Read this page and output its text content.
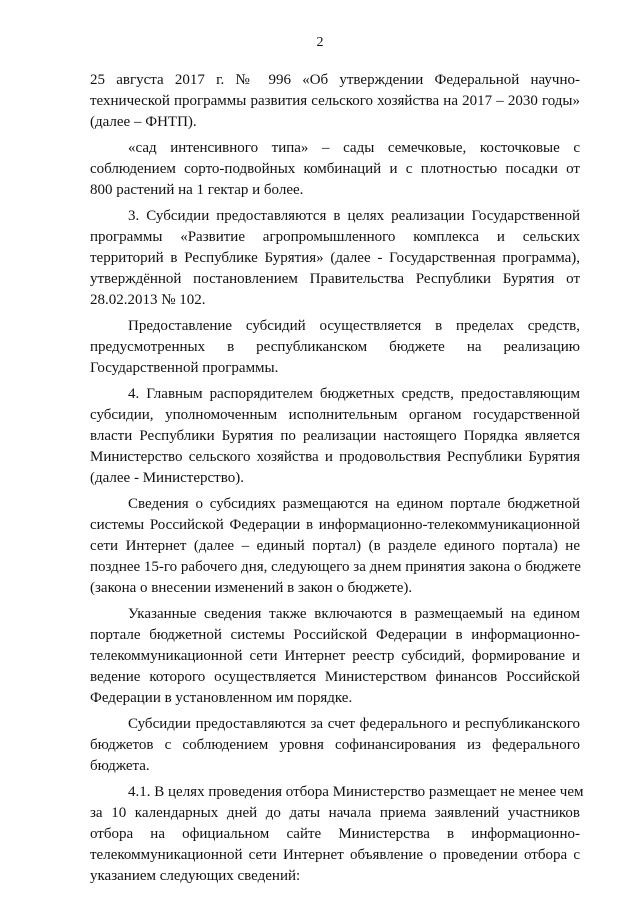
2
25 августа 2017 г. № 996 «Об утверждении Федеральной научно-
технической программы развития сельского хозяйства на 2017 – 2030 годы»
(далее – ФНТП).
«сад интенсивного типа» – сады семечковые, косточковые с
соблюдением сорто-подвойных комбинаций и с плотностью посадки от
800 растений на 1 гектар и более.
3. Субсидии предоставляются в целях реализации Государственной
программы «Развитие агропромышленного комплекса и сельских
территорий в Республике Бурятия» (далее - Государственная программа),
утверждённой постановлением Правительства Республики Бурятия от
28.02.2013 № 102.
Предоставление субсидий осуществляется в пределах средств,
предусмотренных в республиканском бюджете на реализацию
Государственной программы.
4. Главным распорядителем бюджетных средств, предоставляющим
субсидии, уполномоченным исполнительным органом государственной
власти Республики Бурятия по реализации настоящего Порядка является
Министерство сельского хозяйства и продовольствия Республики Бурятия
(далее - Министерство).
Сведения о субсидиях размещаются на едином портале бюджетной
системы Российской Федерации в информационно-телекоммуникационной
сети Интернет (далее – единый портал) (в разделе единого портала) не
позднее 15-го рабочего дня, следующего за днем принятия закона о бюджете
(закона о внесении изменений в закон о бюджете).
Указанные сведения также включаются в размещаемый на едином
портале бюджетной системы Российской Федерации в информационно-
телекоммуникационной сети Интернет реестр субсидий, формирование и
ведение которого осуществляется Министерством финансов Российской
Федерации в установленном им порядке.
Субсидии предоставляются за счет федерального и республиканского
бюджетов с соблюдением уровня софинансирования из федерального
бюджета.
4.1. В целях проведения отбора Министерство размещает не менее чем
за 10 календарных дней до даты начала приема заявлений участников
отбора на официальном сайте Министерства в информационно-
телекоммуникационной сети Интернет объявление о проведении отбора с
указанием следующих сведений:
